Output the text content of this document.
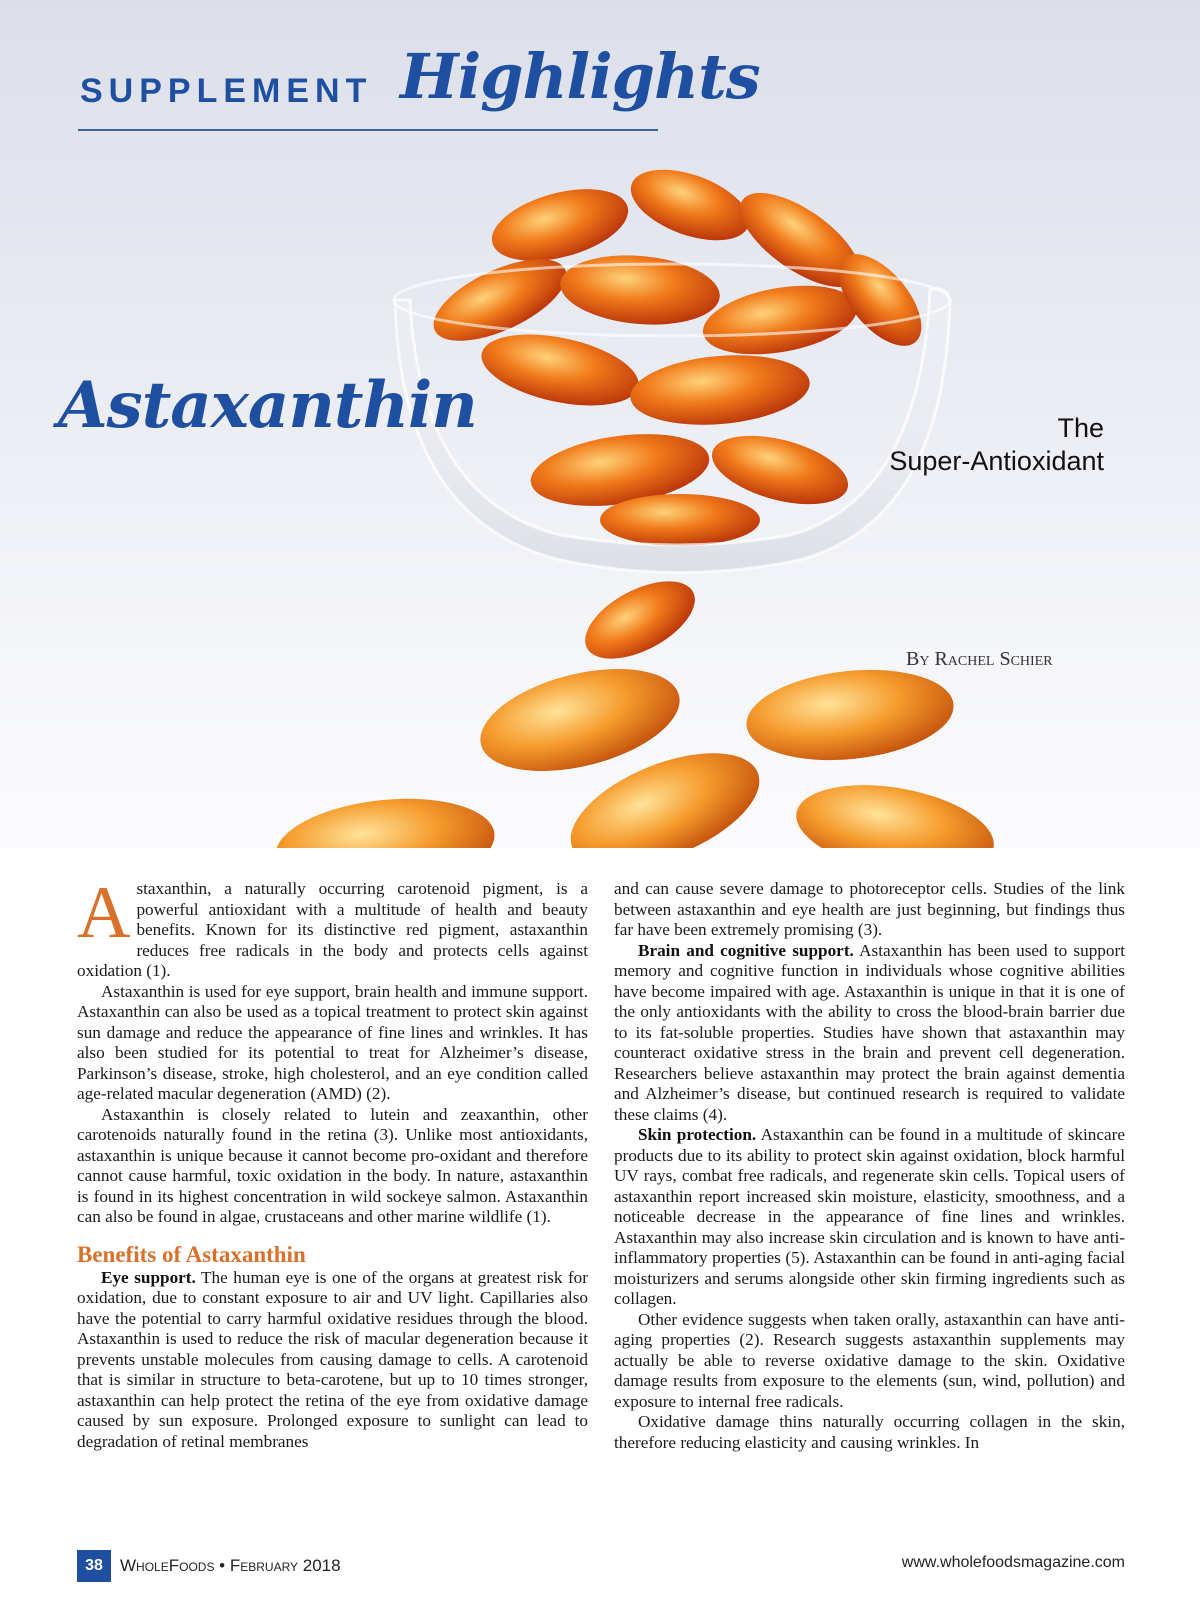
SUPPLEMENT Highlights
Astaxanthin	The
Super-Antioxidant
By Rachel Schier

Astaxanthin, a naturally occurring carotenoid pigment, is a powerful antioxidant with a multitude of health and beauty benefits. Known for its distinctive red pigment, astaxanthin reduces free radicals in the body and protects cells against oxidation (1).

Astaxanthin is used for eye support, brain health and immune support. Astaxanthin can also be used as a topical treatment to protect skin against sun damage and reduce the appearance of fine lines and wrinkles. It has also been studied for its potential to treat for Alzheimer’s disease, Parkinson’s disease, stroke, high cholesterol, and an eye condition called age-related macular degeneration (AMD) (2).

Astaxanthin is closely related to lutein and zeaxanthin, other carotenoids naturally found in the retina (3). Unlike most antioxidants, astaxanthin is unique because it cannot become pro-oxidant and therefore cannot cause harmful, toxic oxidation in the body. In nature, astaxanthin is found in its highest concentration in wild sockeye salmon. Astaxanthin can also be found in algae, crustaceans and other marine wildlife (1).

Benefits of Astaxanthin

Eye support. The human eye is one of the organs at greatest risk for oxidation, due to constant exposure to air and UV light. Capillaries also have the potential to carry harmful oxidative residues through the blood. Astaxanthin is used to reduce the risk of macular degeneration because it prevents unstable molecules from causing damage to cells. A carotenoid that is similar in structure to beta-carotene, but up to 10 times stronger, astaxanthin can help protect the retina of the eye from oxidative damage caused by sun exposure. Prolonged exposure to sunlight can lead to degradation of retinal membranes

and can cause severe damage to photoreceptor cells. Studies of the link between astaxanthin and eye health are just beginning, but findings thus far have been extremely promising (3).

Brain and cognitive support. Astaxanthin has been used to support memory and cognitive function in individuals whose cognitive abilities have become impaired with age. Astaxanthin is unique in that it is one of the only antioxidants with the ability to cross the blood-brain barrier due to its fat-soluble properties. Studies have shown that astaxanthin may counteract oxidative stress in the brain and prevent cell degeneration. Researchers believe astaxanthin may protect the brain against dementia and Alzheimer’s disease, but continued research is required to validate these claims (4).

Skin protection. Astaxanthin can be found in a multitude of skincare products due to its ability to protect skin against oxidation, block harmful UV rays, combat free radicals, and regenerate skin cells. Topical users of astaxanthin report increased skin moisture, elasticity, smoothness, and a noticeable decrease in the appearance of fine lines and wrinkles. Astaxanthin may also increase skin circulation and is known to have anti-inflammatory properties (5). Astaxanthin can be found in anti-aging facial moisturizers and serums alongside other skin firming ingredients such as collagen.

Other evidence suggests when taken orally, astaxanthin can have anti-aging properties (2). Research suggests astaxanthin supplements may actually be able to reverse oxidative damage to the skin. Oxidative damage results from exposure to the elements (sun, wind, pollution) and exposure to internal free radicals.

Oxidative damage thins naturally occurring collagen in the skin, therefore reducing elasticity and causing wrinkles. In

38	WholeFoods • February 2018	www.wholefoodsmagazine.com
